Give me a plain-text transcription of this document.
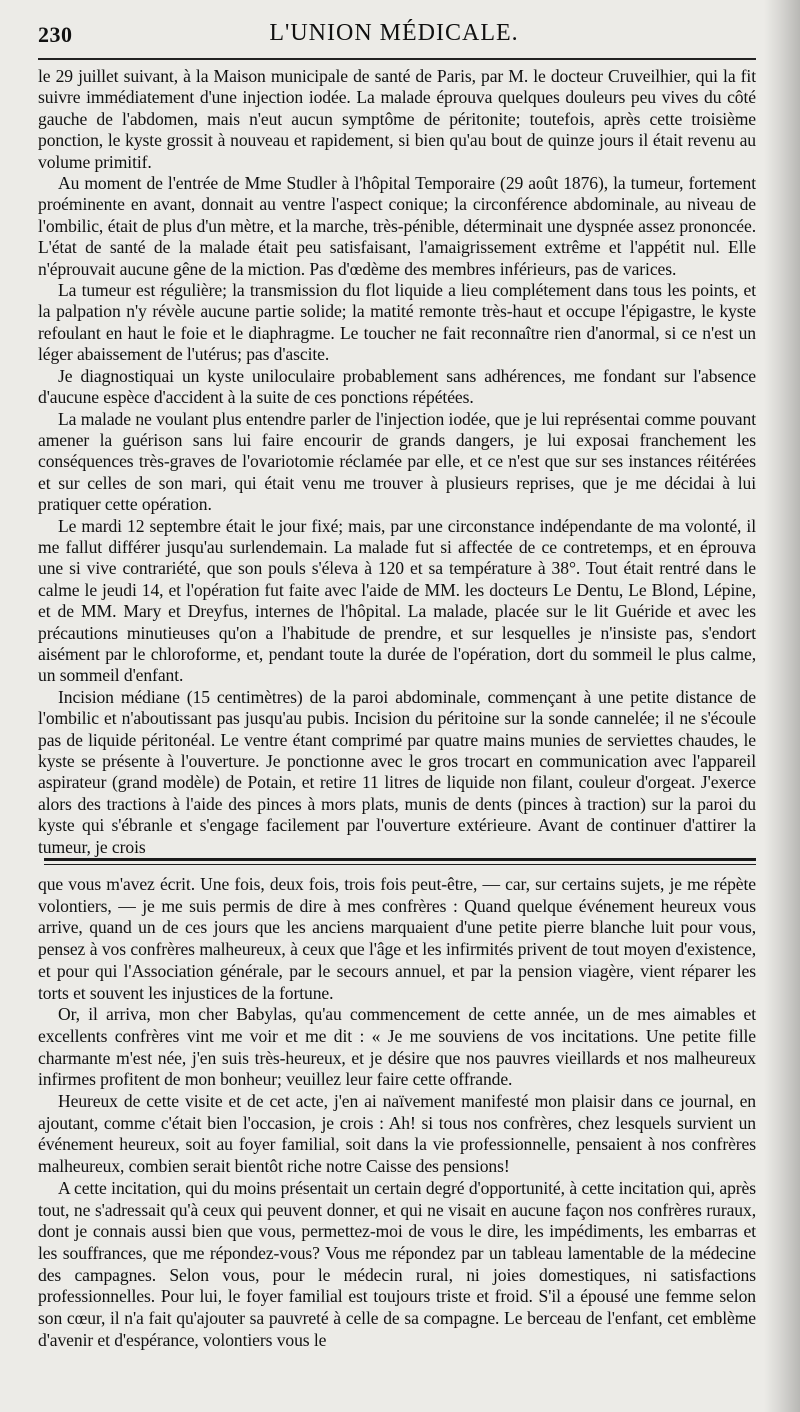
230	L'UNION MÉDICALE.

le 29 juillet suivant, à la Maison municipale de santé de Paris, par M. le docteur Cruveilhier, qui la fit suivre immédiatement d'une injection iodée. La malade éprouva quelques douleurs peu vives du côté gauche de l'abdomen, mais n'eut aucun symptôme de péritonite; toutefois, après cette troisième ponction, le kyste grossit à nouveau et rapidement, si bien qu'au bout de quinze jours il était revenu au volume primitif.

Au moment de l'entrée de Mme Studler à l'hôpital Temporaire (29 août 1876), la tumeur, fortement proéminente en avant, donnait au ventre l'aspect conique; la circonférence abdominale, au niveau de l'ombilic, était de plus d'un mètre, et la marche, très-pénible, déterminait une dyspnée assez prononcée. L'état de santé de la malade était peu satisfaisant, l'amaigrissement extrême et l'appétit nul. Elle n'éprouvait aucune gêne de la miction. Pas d'œdème des membres inférieurs, pas de varices.

La tumeur est régulière; la transmission du flot liquide a lieu complétement dans tous les points, et la palpation n'y révèle aucune partie solide; la matité remonte très-haut et occupe l'épigastre, le kyste refoulant en haut le foie et le diaphragme. Le toucher ne fait reconnaître rien d'anormal, si ce n'est un léger abaissement de l'utérus; pas d'ascite.

Je diagnostiquai un kyste uniloculaire probablement sans adhérences, me fondant sur l'absence d'aucune espèce d'accident à la suite de ces ponctions répétées.

La malade ne voulant plus entendre parler de l'injection iodée, que je lui représentai comme pouvant amener la guérison sans lui faire encourir de grands dangers, je lui exposai franchement les conséquences très-graves de l'ovariotomie réclamée par elle, et ce n'est que sur ses instances réitérées et sur celles de son mari, qui était venu me trouver à plusieurs reprises, que je me décidai à lui pratiquer cette opération.

Le mardi 12 septembre était le jour fixé; mais, par une circonstance indépendante de ma volonté, il me fallut différer jusqu'au surlendemain. La malade fut si affectée de ce contretemps, et en éprouva une si vive contrariété, que son pouls s'éleva à 120 et sa température à 38°. Tout était rentré dans le calme le jeudi 14, et l'opération fut faite avec l'aide de MM. les docteurs Le Dentu, Le Blond, Lépine, et de MM. Mary et Dreyfus, internes de l'hôpital. La malade, placée sur le lit Guéride et avec les précautions minutieuses qu'on a l'habitude de prendre, et sur lesquelles je n'insiste pas, s'endort aisément par le chloroforme, et, pendant toute la durée de l'opération, dort du sommeil le plus calme, un sommeil d'enfant.

Incision médiane (15 centimètres) de la paroi abdominale, commençant à une petite distance de l'ombilic et n'aboutissant pas jusqu'au pubis. Incision du péritoine sur la sonde cannelée; il ne s'écoule pas de liquide péritonéal. Le ventre étant comprimé par quatre mains munies de serviettes chaudes, le kyste se présente à l'ouverture. Je ponctionne avec le gros trocart en communication avec l'appareil aspirateur (grand modèle) de Potain, et retire 11 litres de liquide non filant, couleur d'orgeat. J'exerce alors des tractions à l'aide des pinces à mors plats, munis de dents (pinces à traction) sur la paroi du kyste qui s'ébranle et s'engage facilement par l'ouverture extérieure. Avant de continuer d'attirer la tumeur, je crois

que vous m'avez écrit. Une fois, deux fois, trois fois peut-être, — car, sur certains sujets, je me répète volontiers, — je me suis permis de dire à mes confrères : Quand quelque événement heureux vous arrive, quand un de ces jours que les anciens marquaient d'une petite pierre blanche luit pour vous, pensez à vos confrères malheureux, à ceux que l'âge et les infirmités privent de tout moyen d'existence, et pour qui l'Association générale, par le secours annuel, et par la pension viagère, vient réparer les torts et souvent les injustices de la fortune.

Or, il arriva, mon cher Babylas, qu'au commencement de cette année, un de mes aimables et excellents confrères vint me voir et me dit : « Je me souviens de vos incitations. Une petite fille charmante m'est née, j'en suis très-heureux, et je désire que nos pauvres vieillards et nos malheureux infirmes profitent de mon bonheur; veuillez leur faire cette offrande.

Heureux de cette visite et de cet acte, j'en ai naïvement manifesté mon plaisir dans ce journal, en ajoutant, comme c'était bien l'occasion, je crois : Ah! si tous nos confrères, chez lesquels survient un événement heureux, soit au foyer familial, soit dans la vie professionnelle, pensaient à nos confrères malheureux, combien serait bientôt riche notre Caisse des pensions!

A cette incitation, qui du moins présentait un certain degré d'opportunité, à cette incitation qui, après tout, ne s'adressait qu'à ceux qui peuvent donner, et qui ne visait en aucune façon nos confrères ruraux, dont je connais aussi bien que vous, permettez-moi de vous le dire, les impédiments, les embarras et les souffrances, que me répondez-vous? Vous me répondez par un tableau lamentable de la médecine des campagnes. Selon vous, pour le médecin rural, ni joies domestiques, ni satisfactions professionnelles. Pour lui, le foyer familial est toujours triste et froid. S'il a épousé une femme selon son cœur, il n'a fait qu'ajouter sa pauvreté à celle de sa compagne. Le berceau de l'enfant, cet emblème d'avenir et d'espérance, volontiers vous le
